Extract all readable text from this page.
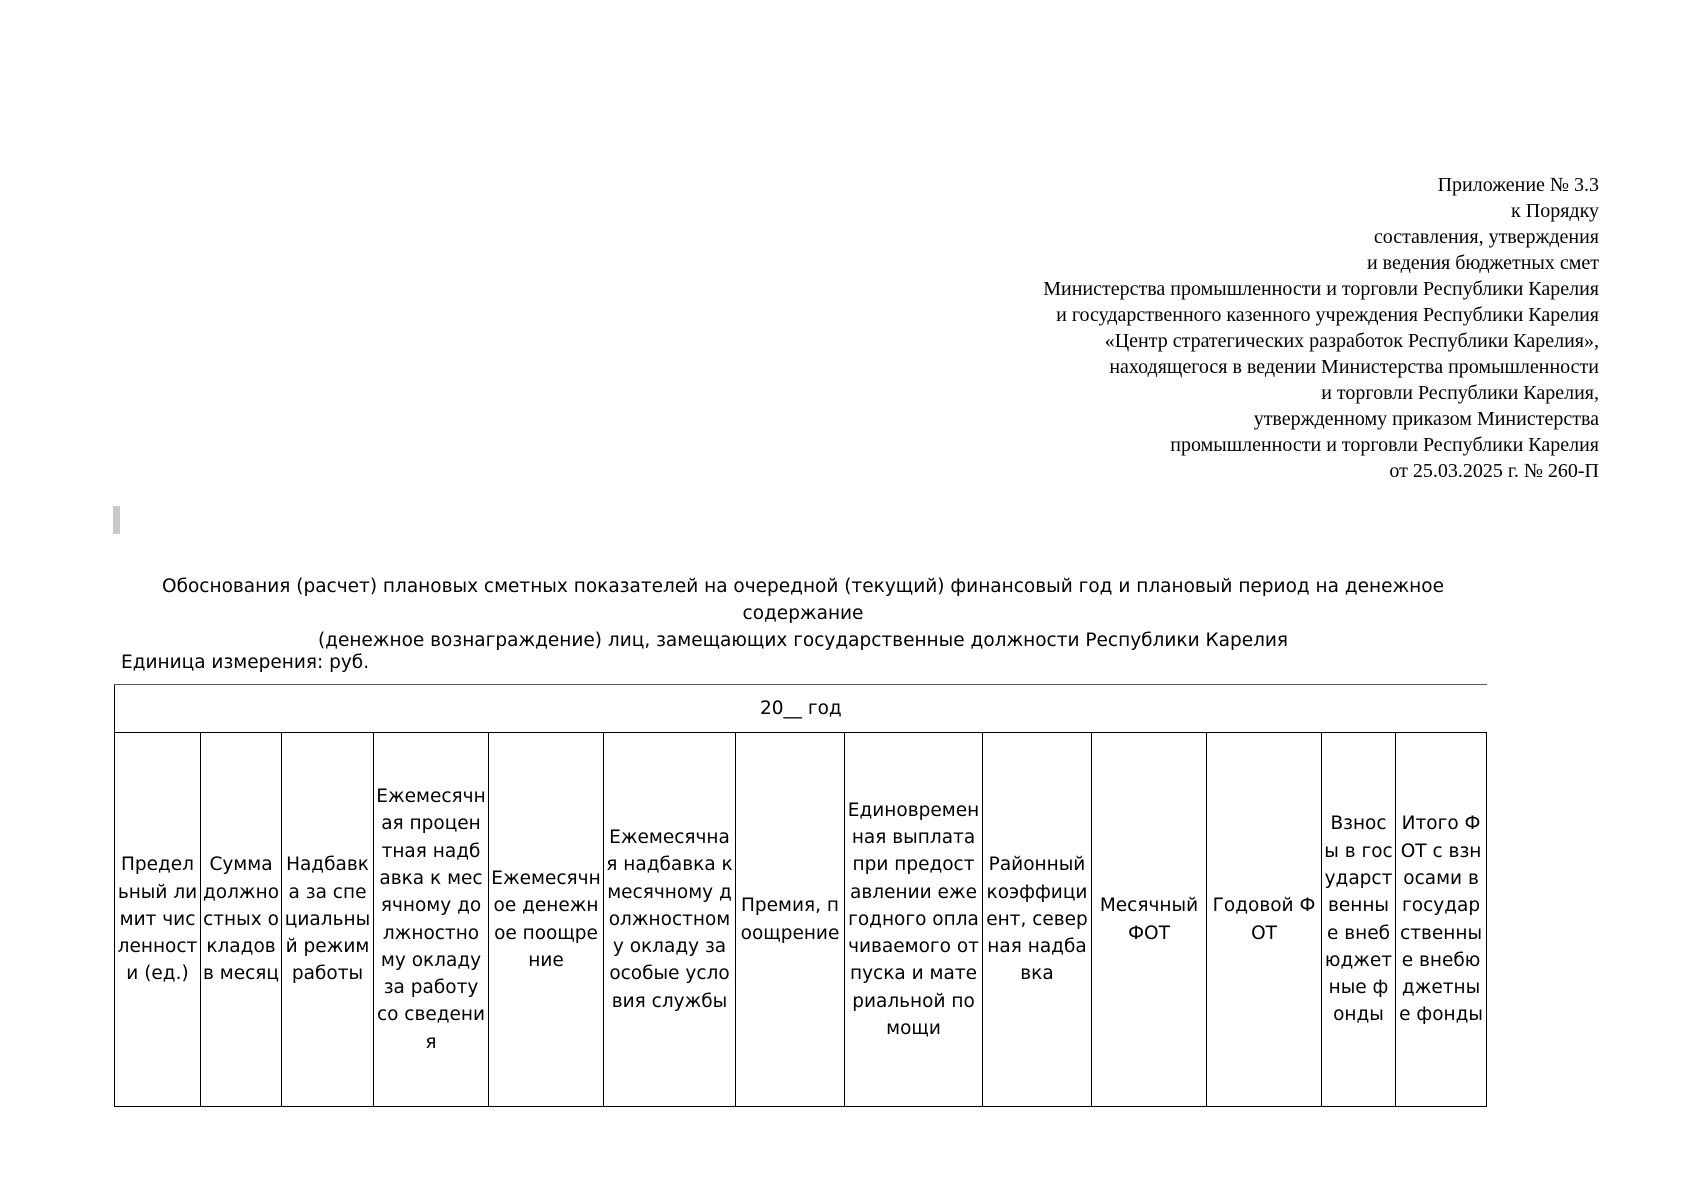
Приложение № 3.3
к Порядку
составления, утверждения
и ведения бюджетных смет
Министерства промышленности и торговли Республики Карелия
и государственного казенного учреждения Республики Карелия
«Центр стратегических разработок Республики Карелия»,
находящегося в ведении Министерства промышленности
и торговли Республики Карелия,
утвержденному приказом Министерства
промышленности и торговли Республики Карелия
от 25.03.2025 г. № 260-П
Обоснования (расчет) плановых сметных показателей на очередной (текущий) финансовый год и плановый период на денежное содержание
(денежное вознаграждение) лиц, замещающих государственные должности Республики Карелия
Единица измерения: руб.
20__ год
Предельный лимит численности (ед.)	Сумма должностных окладов в месяц	Надбавка за специальный режим работы	Ежемесячная процентная надбавка к месячному должностному окладу за работу со сведения	Ежемесячное денежное поощрение	Ежемесячная надбавка к месячному должностному окладу за особые условия службы	Премия, поощрение	Единовременная выплата при предоставлении ежегодного оплачиваемого отпуска и материальной помощи	Районный коэффициент, северная надбавка	Месячный ФОТ	Годовой ФОТ	Взносы в государственные внебюджетные фонды	Итого ФОТ с взносами в государственные внебюджетные фонды
